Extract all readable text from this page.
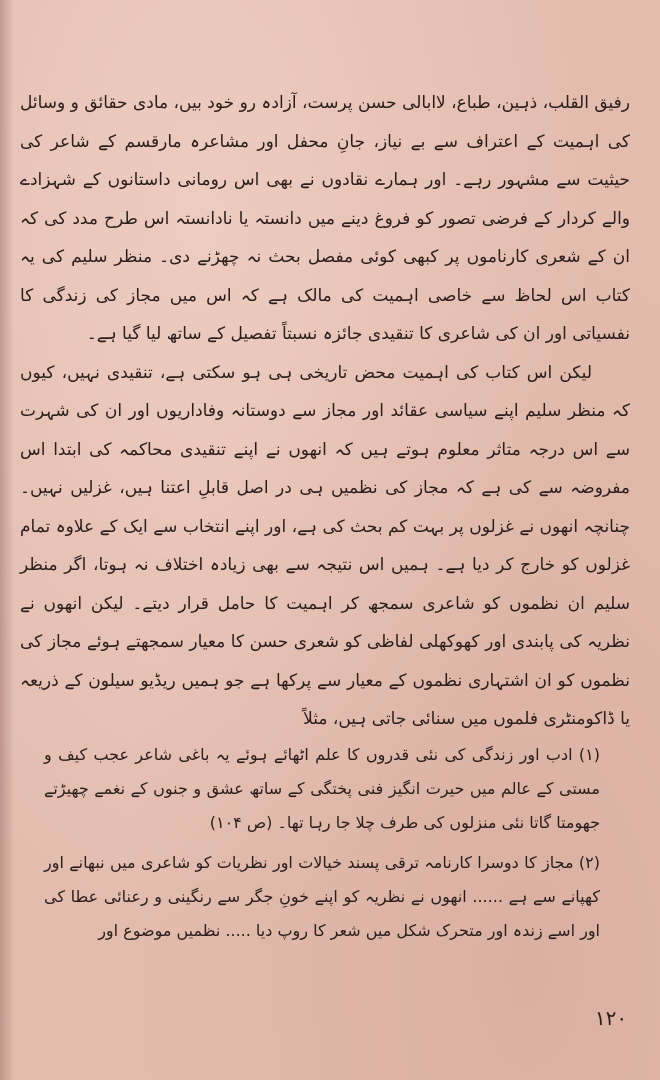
رفیق القلب، ذہین، طباع، لاابالی حسن پرست، آزادہ رو خود بیں، مادی حقائق و وسائل کی اہمیت کے اعتراف سے بے نیاز، جانِ محفل اور مشاعرہ مارقسم کے شاعر کی حیثیت سے مشہور رہے۔ اور ہمارے نقادوں نے بھی اس رومانی داستانوں کے شہزادے والے کردار کے فرضی تصور کو فروغ دینے میں دانستہ یا نادانستہ اس طرح مدد کی کہ ان کے شعری کارناموں پر کبھی کوئی مفصل بحث نہ چھڑنے دی۔ منظر سلیم کی یہ کتاب اس لحاظ سے خاصی اہمیت کی مالک ہے کہ اس میں مجاز کی زندگی کا نفسیاتی اور ان کی شاعری کا تنقیدی جائزہ نسبتاً تفصیل کے ساتھ لیا گیا ہے۔

لیکن اس کتاب کی اہمیت محض تاریخی ہی ہو سکتی ہے، تنقیدی نہیں، کیوں کہ منظر سلیم اپنے سیاسی عقائد اور مجاز سے دوستانہ وفاداریوں اور ان کی شہرت سے اس درجہ متاثر معلوم ہوتے ہیں کہ انھوں نے اپنے تنقیدی محاکمہ کی ابتدا اس مفروضہ سے کی ہے کہ مجاز کی نظمیں ہی در اصل قابلِ اعتنا ہیں، غزلیں نہیں۔ چنانچہ انھوں نے غزلوں پر بہت کم بحث کی ہے، اور اپنے انتخاب سے ایک کے علاوہ تمام غزلوں کو خارج کر دیا ہے۔ ہمیں اس نتیجہ سے بھی زیادہ اختلاف نہ ہوتا، اگر منظر سلیم ان نظموں کو شاعری سمجھ کر اہمیت کا حامل قرار دیتے۔ لیکن انھوں نے نظریہ کی پابندی اور کھوکھلی لفاظی کو شعری حسن کا معیار سمجھتے ہوئے مجاز کی نظموں کو ان اشتہاری نظموں کے معیار سے پرکھا ہے جو ہمیں ریڈیو سیلون کے ذریعہ یا ڈاکومنٹری فلموں میں سنائی جاتی ہیں، مثلاً

(۱) ادب اور زندگی کی نئی قدروں کا علم اٹھائے ہوئے یہ باغی شاعر عجب کیف و مستی کے عالم میں حیرت انگیز فنی پختگی کے ساتھ عشق و جنوں کے نغمے چھیڑتے جھومتا گاتا نئی منزلوں کی طرف چلا جا رہا تھا۔ (ص ۱۰۴)

(۲) مجاز کا دوسرا کارنامہ ترقی پسند خیالات اور نظریات کو شاعری میں نبھانے اور کھپانے سے ہے ...... انھوں نے نظریہ کو اپنے خونِ جگر سے رنگینی و رعنائی عطا کی اور اسے زندہ اور متحرک شکل میں شعر کا روپ دیا ..... نظمیں موضوع اور

۱۲۰
